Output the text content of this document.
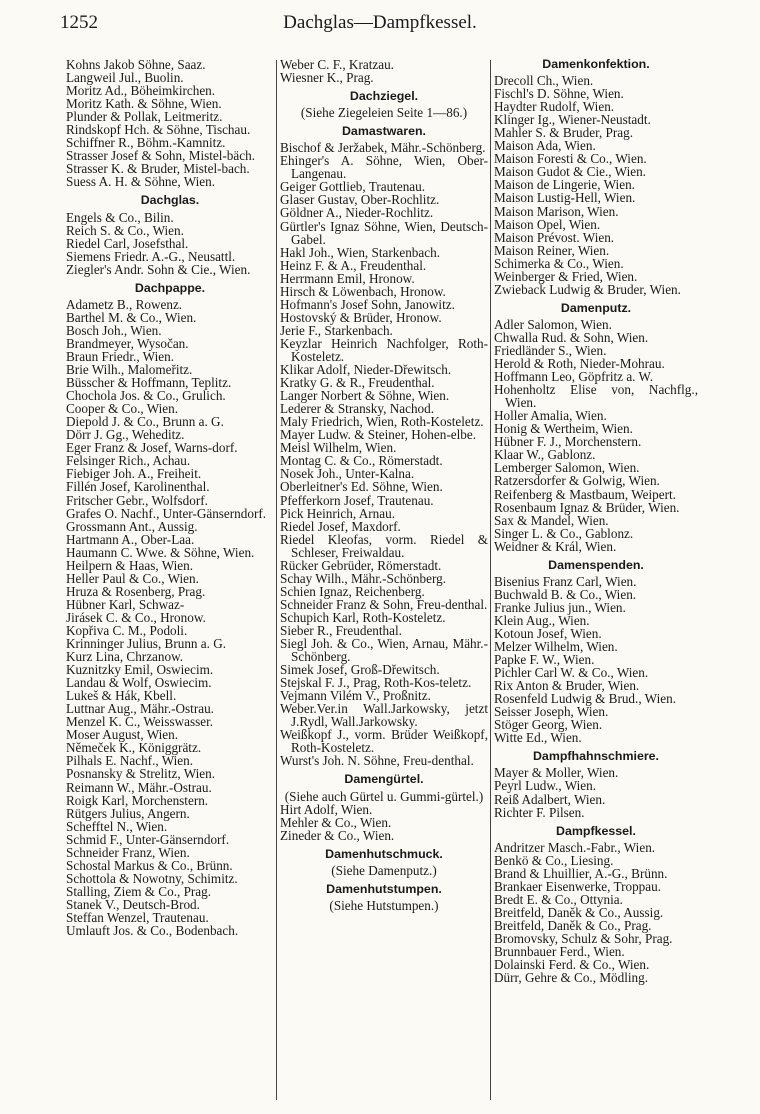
1252	Dachglas—Dampfkessel.
Kohns Jakob Söhne, Saaz.
Langweil Jul., Buolin.
Moritz Ad., Böheimkirchen.
Moritz Kath. & Söhne, Wien.
Plunder & Pollak, Leitmeritz.
Rindskopf Hch. & Söhne, Tischau.
Schiffner R., Böhm.-Kamnitz.
Strasser Josef & Sohn, Mistel-bäch.
Strasser K. & Bruder, Mistel-bach.
Suess A. H. & Söhne, Wien.
Dachglas.
Engels & Co., Bilin.
Reich S. & Co., Wien.
Riedel Carl, Josefsthal.
Siemens Friedr. A.-G., Neusattl.
Ziegler's Andr. Sohn & Cie., Wien.
Dachpappe.
Adametz B., Rowenz.
Barthel M. & Co., Wien.
Bosch Joh., Wien.
Brandmeyer, Wysočan.
Braun Friedr., Wien.
Brie Wilh., Malomeřitz.
Büsscher & Hoffmann, Teplitz.
Chochola Jos. & Co., Grulich.
Cooper & Co., Wien.
Diepold J. & Co., Brunn a. G.
Dörr J. Gg., Weheditz.
Eger Franz & Josef, Warns-dorf.
Felsinger Rich., Achau.
Fiebiger Joh. A., Freiheit.
Fillén Josef, Karolinenthal.
Fritscher Gebr., Wolfsdorf.
Grafes O. Nachf., Unter-Gänserndorf.
Grossmann Ant., Aussig.
Hartmann A., Ober-Laa.
Haumann C. Wwe. & Söhne, Wien.
Heilpern & Haas, Wien.
Heller Paul & Co., Wien.
Hruza & Rosenberg, Prag.
Hübner Karl, Schwaz-
Jirásek C. & Co., Hronow.
Kopřiva C. M., Podoli.
Krinninger Julius, Brunn a. G.
Kurz Lina, Chrzanow.
Kuznitzky Emil, Oswiecim.
Landau & Wolf, Oswiecim.
Lukeš & Hák, Kbell.
Luttnar Aug., Mähr.-Ostrau.
Menzel K. C., Weisswasser.
Moser August, Wien.
Němeček K., Königgrätz.
Pilhals E. Nachf., Wien.
Posnansky & Strelitz, Wien.
Reimann W., Mähr.-Ostrau.
Roigk Karl, Morchenstern.
Rütgers Julius, Angern.
Schefftel N., Wien.
Schmid F., Unter-Gänserndorf.
Schneider Franz, Wien.
Schostal Markus & Co., Brünn.
Schottola & Nowotny, Schimitz.
Stalling, Ziem & Co., Prag.
Stanek V., Deutsch-Brod.
Steffan Wenzel, Trautenau.
Umlauft Jos. & Co., Bodenbach.
Weber C. F., Kratzau.
Wiesner K., Prag.
Dachziegel.
(Siehe Ziegeleien Seite 1—86.)
Damastwaren.
Bischof & Jeržabek, Mähr.-Schönberg.
Ehinger's A. Söhne, Wien, Ober-Langenau.
Geiger Gottlieb, Trautenau.
Glaser Gustav, Ober-Rochlitz.
Göldner A., Nieder-Rochlitz.
Gürtler's Ignaz Söhne, Wien, Deutsch-Gabel.
Hakl Joh., Wien, Starkenbach.
Heinz F. & A., Freudenthal.
Herrmann Emil, Hronow.
Hirsch & Löwenbach, Hronow.
Hofmann's Josef Sohn, Janowitz.
Hostovský & Brüder, Hronow.
Jerie F., Starkenbach.
Keyzlar Heinrich Nachfolger, Roth-Kosteletz.
Klikar Adolf, Nieder-Dřewitsch.
Kratky G. & R., Freudenthal.
Langer Norbert & Söhne, Wien.
Lederer & Stransky, Nachod.
Maly Friedrich, Wien, Roth-Kosteletz.
Mayer Ludw. & Steiner, Hohen-elbe.
Meisl Wilhelm, Wien.
Montag C. & Co., Römerstadt.
Nosek Joh., Unter-Kalna.
Oberleitner's Ed. Söhne, Wien.
Pfefferkorn Josef, Trautenau.
Pick Heinrich, Arnau.
Riedel Josef, Maxdorf.
Riedel Kleofas, vorm. Riedel & Schleser, Freiwaldau.
Rücker Gebrüder, Römerstadt.
Schay Wilh., Mähr.-Schönberg.
Schien Ignaz, Reichenberg.
Schneider Franz & Sohn, Freu-denthal.
Schupich Karl, Roth-Kosteletz.
Sieber R., Freudenthal.
Siegl Joh. & Co., Wien, Arnau, Mähr.-Schönberg.
Simek Josef, Groß-Dřewitsch.
Stejskal F. J., Prag, Roth-Kos-teletz.
Vejmann Vilém V., Proßnitz.
Weber.Ver.in Wall.Jarkowsky, jetzt J.Rydl, Wall.Jarkowsky.
Weißkopf J., vorm. Brüder Weißkopf, Roth-Kosteletz.
Wurst's Joh. N. Söhne, Freu-denthal.
Damengürtel.
(Siehe auch Gürtel u. Gummi-gürtel.)
Hirt Adolf, Wien.
Mehler & Co., Wien.
Zineder & Co., Wien.
Damenhutschmuck.
(Siehe Damenputz.)
Damenhutstumpen.
(Siehe Hutstumpen.)
Damenkonfektion.
Drecoll Ch., Wien.
Fischl's D. Söhne, Wien.
Haydter Rudolf, Wien.
Klinger Ig., Wiener-Neustadt.
Mahler S. & Bruder, Prag.
Maison Ada, Wien.
Maison Foresti & Co., Wien.
Maison Gudot & Cie., Wien.
Maison de Lingerie, Wien.
Maison Lustig-Hell, Wien.
Maison Marison, Wien.
Maison Opel, Wien.
Maison Prévost. Wien.
Maison Reiner, Wien.
Schimerka & Co., Wien.
Weinberger & Fried, Wien.
Zwieback Ludwig & Bruder, Wien.
Damenputz.
Adler Salomon, Wien.
Chwalla Rud. & Sohn, Wien.
Friedländer S., Wien.
Herold & Roth, Nieder-Mohrau.
Hoffmann Leo, Göpfritz a. W.
Hohenholtz Elise von, Nachflg., Wien.
Holler Amalia, Wien.
Honig & Wertheim, Wien.
Hübner F. J., Morchenstern.
Klaar W., Gablonz.
Lemberger Salomon, Wien.
Ratzersdorfer & Golwig, Wien.
Reifenberg & Mastbaum, Weipert.
Rosenbaum Ignaz & Brüder, Wien.
Sax & Mandel, Wien.
Singer L. & Co., Gablonz.
Weidner & Král, Wien.
Damenspenden.
Bisenius Franz Carl, Wien.
Buchwald B. & Co., Wien.
Franke Julius jun., Wien.
Klein Aug., Wien.
Kotoun Josef, Wien.
Melzer Wilhelm, Wien.
Papke F. W., Wien.
Pichler Carl W. & Co., Wien.
Rix Anton & Bruder, Wien.
Rosenfeld Ludwig & Brud., Wien.
Seisser Joseph, Wien.
Stöger Georg, Wien.
Witte Ed., Wien.
Dampfhahnschmiere.
Mayer & Moller, Wien.
Peyrl Ludw., Wien.
Reiß Adalbert, Wien.
Richter F. Pilsen.
Dampfkessel.
Andritzer Masch.-Fabr., Wien.
Benkö & Co., Liesing.
Brand & Lhuillier, A.-G., Brünn.
Brankaer Eisenwerke, Troppau.
Bredt E. & Co., Ottynia.
Breitfeld, Daněk & Co., Aussig.
Breitfeld, Daněk & Co., Prag.
Bromovsky, Schulz & Sohr, Prag.
Brunnbauer Ferd., Wien.
Dolainski Ferd. & Co., Wien.
Dürr, Gehre & Co., Mödling.
